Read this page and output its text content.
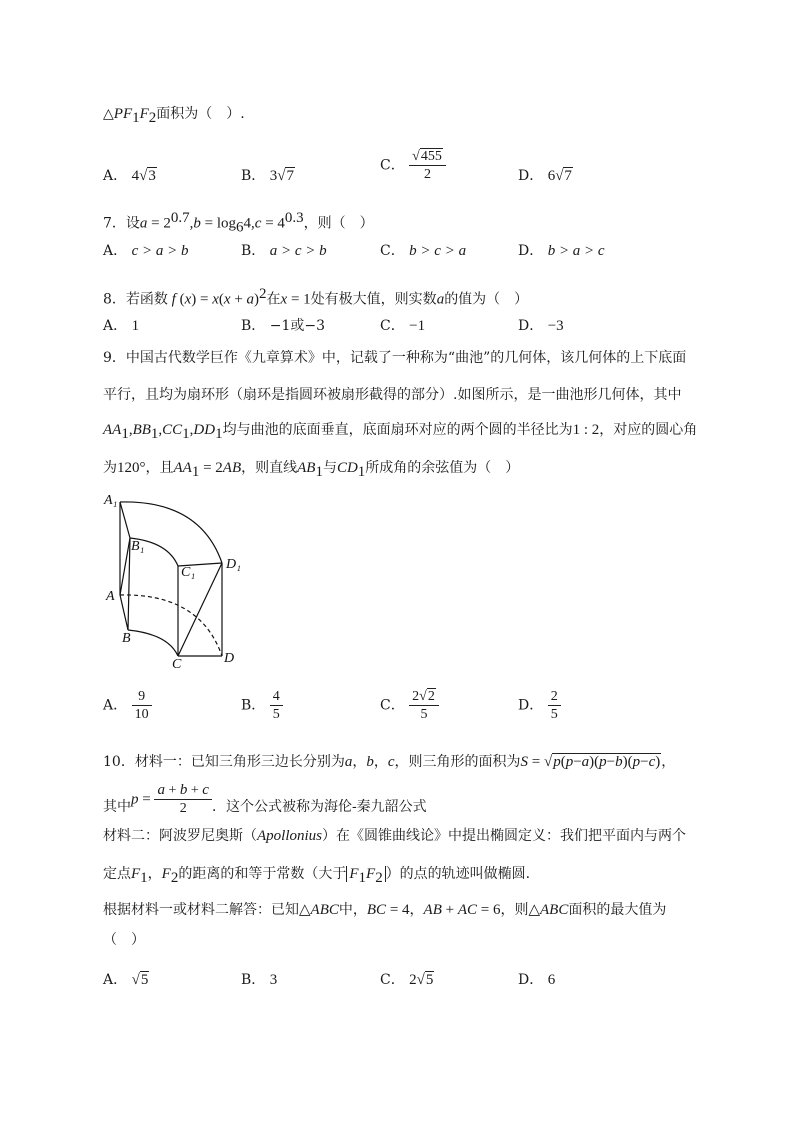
$\triangle PF_1F_2$面积为（　）.
A． 4√3	B． 3√7
C． $\frac{√455}{2}$	D． 6√7
7．设$a = 2^{0.7},b = \log_64,c = 4^{0.3}$，则（　）
A． c > a > b	B． a > c > b	C． b > c > a	D． b > a > c
8．若函数 f $(x) = x(x + a)^2$在x = 1处有极大值，则实数a的值为（　）
A． 1	B． −1或−3	C． −1	D． −3
9．中国古代数学巨作《九章算术》中，记载了一种称为“曲池”的几何体，该几何体的上下底面
平行，且均为扇环形（扇环是指圆环被扇形截得的部分）.如图所示，是一曲池形几何体，其中
$AA_1,BB_1,CC_1,DD_1$均与曲池的底面垂直，底面扇环对应的两个圆的半径比为1 : 2，对应的圆心角
为120°，且$AA_1 = 2AB$，则直线$AB_1$与$CD_1$所成角的余弦值为（　）
A₁
B₁
C₁
D₁
A
B
C	D
A． $\frac{9}{10}$	B． $\frac{4}{5}$	C． $\frac{2√2}{5}$	D． $\frac{2}{5}$
10．材料一：已知三角形三边长分别为a，b，c，则三角形的面积为S = √p(p−a)(p−b)(p−c)，
其中$p = \frac{a + b + c}{2}$ ．这个公式被称为海伦-秦九韶公式
材料二：阿波罗尼奥斯（Apollonius）在《圆锥曲线论》中提出椭圆定义：我们把平面内与两个
定点$F_1$，$F_2$的距离的和等于常数（大于 $F_1F_2$ ）的点的轨迹叫做椭圆.
根据材料一或材料二解答：已知△ABC中，BC = 4，AB + AC = 6，则△ABC面积的最大值为
（　）
A． √5	B． 3	C． 2√5	D． 6
